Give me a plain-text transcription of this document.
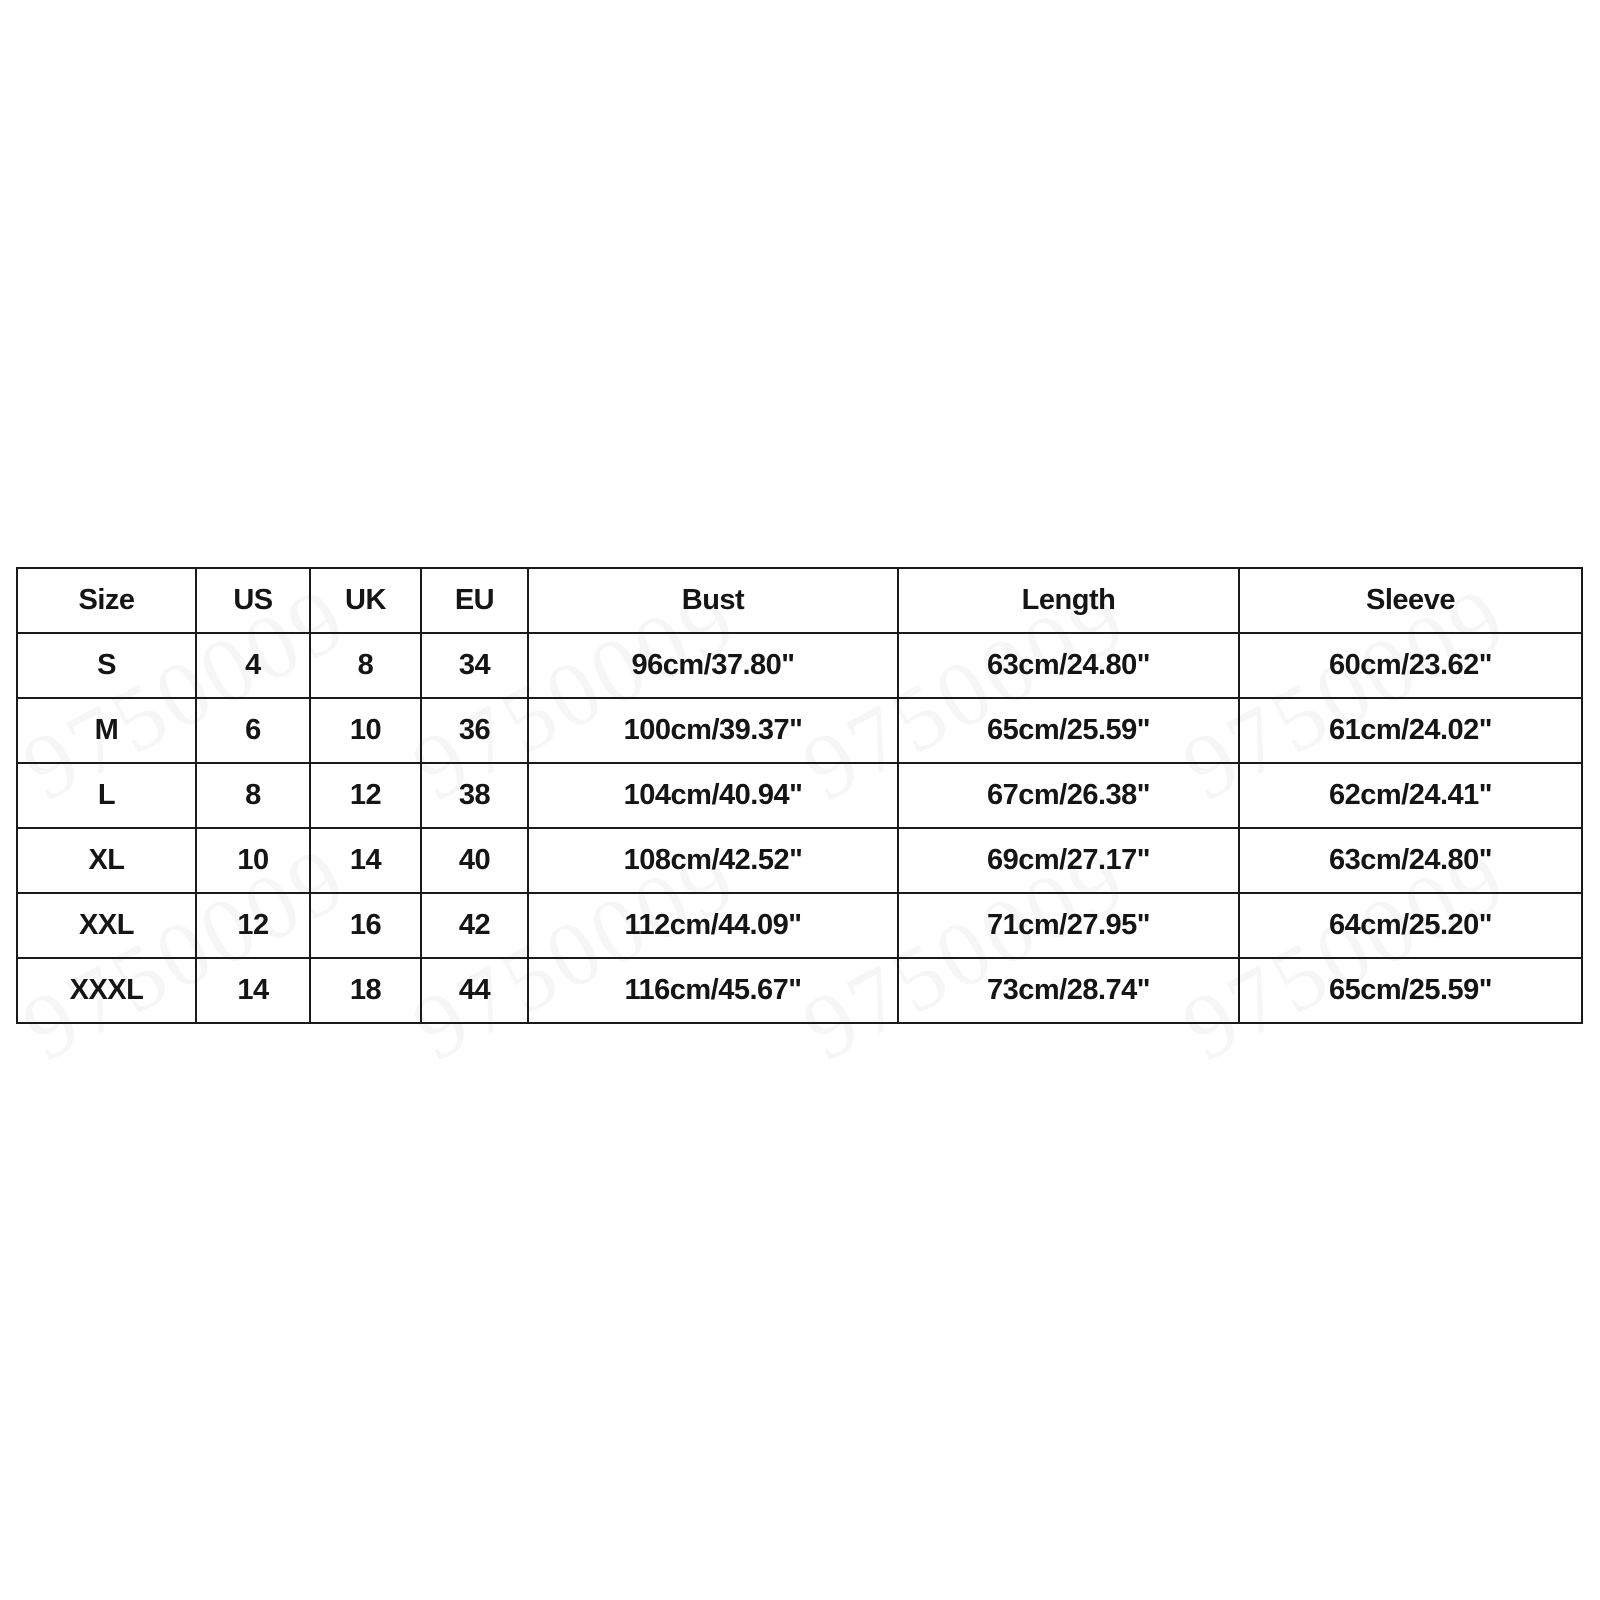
Size	US	UK	EU	Bust	Length	Sleeve
S	4	8	34	96cm/37.80"	63cm/24.80"	60cm/23.62"
M	6	10	36	100cm/39.37"	65cm/25.59"	61cm/24.02"
L	8	12	38	104cm/40.94"	67cm/26.38"	62cm/24.41"
XL	10	14	40	108cm/42.52"	69cm/27.17"	63cm/24.80"
XXL	12	16	42	112cm/44.09"	71cm/27.95"	64cm/25.20"
XXXL	14	18	44	116cm/45.67"	73cm/28.74"	65cm/25.59"
